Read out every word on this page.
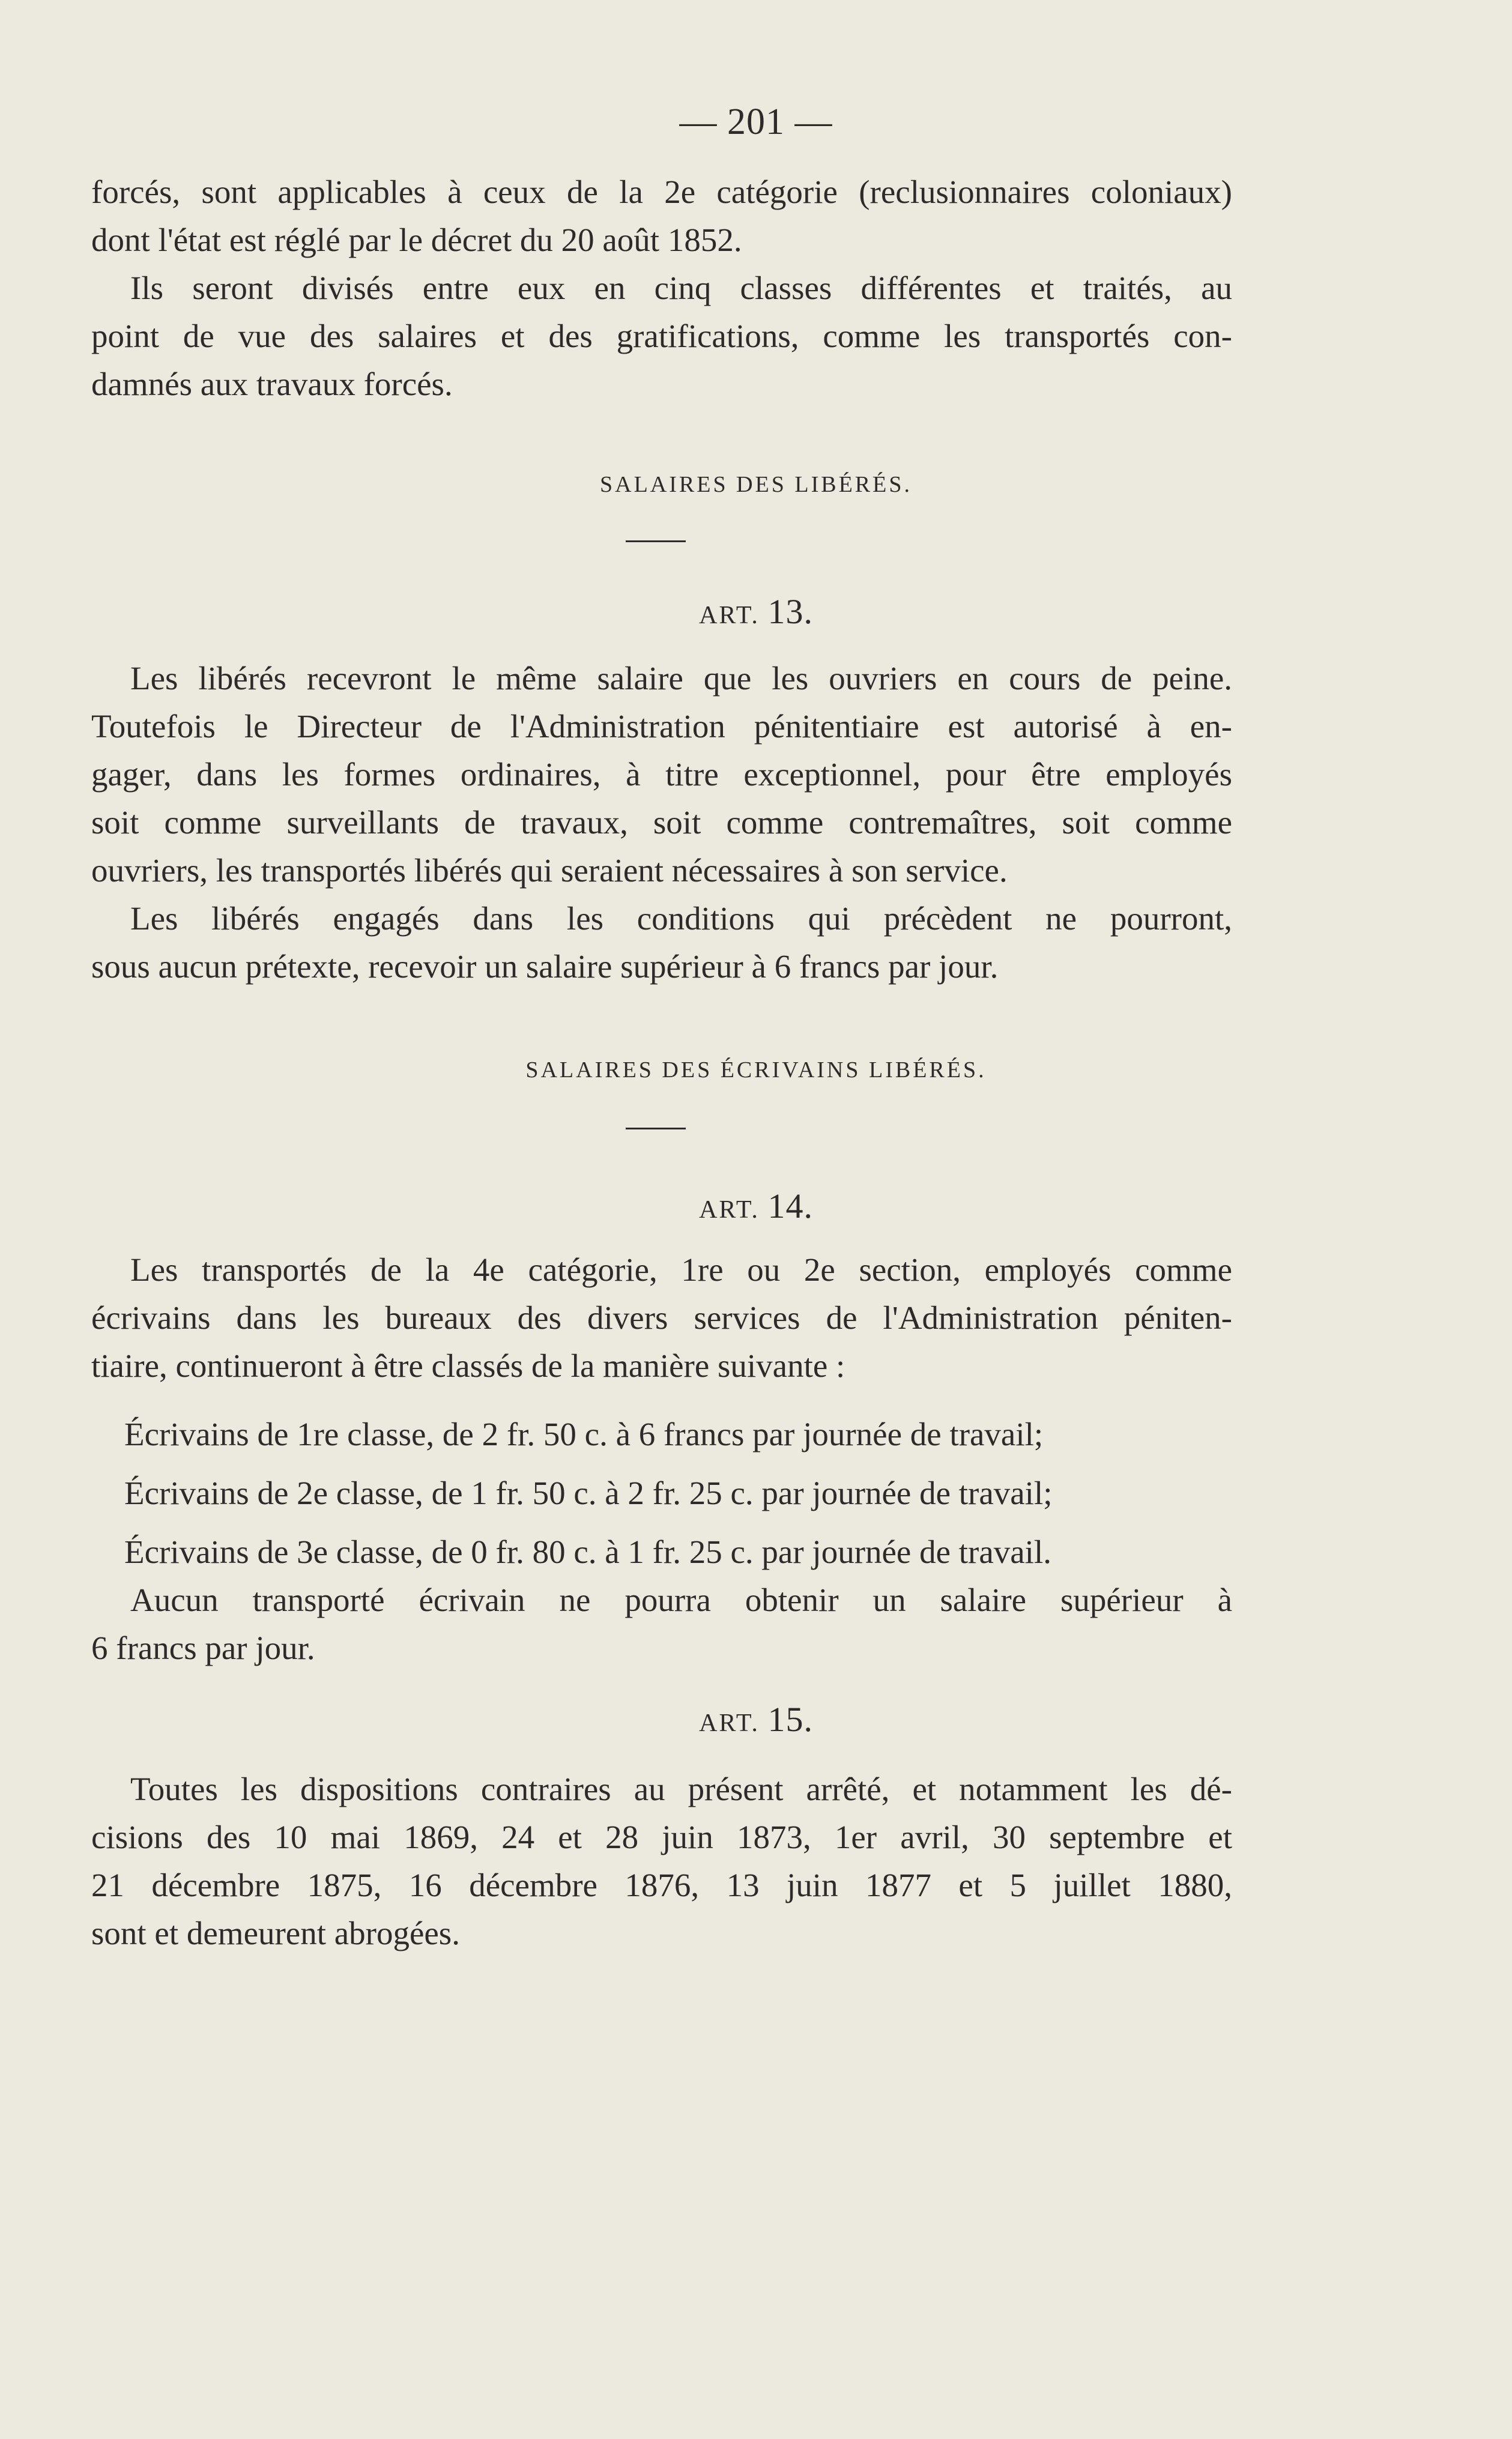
— 201 —
forcés, sont applicables à ceux de la 2e catégorie (reclusionnaires coloniaux)
dont l'état est réglé par le décret du 20 août 1852.
Ils seront divisés entre eux en cinq classes différentes et traités, au
point de vue des salaires et des gratifications, comme les transportés con-
damnés aux travaux forcés.
SALAIRES DES LIBÉRÉS.
ART. 13.
Les libérés recevront le même salaire que les ouvriers en cours de peine.
Toutefois le Directeur de l'Administration pénitentiaire est autorisé à en-
gager, dans les formes ordinaires, à titre exceptionnel, pour être employés
soit comme surveillants de travaux, soit comme contremaîtres, soit comme
ouvriers, les transportés libérés qui seraient nécessaires à son service.
Les libérés engagés dans les conditions qui précèdent ne pourront,
sous aucun prétexte, recevoir un salaire supérieur à 6 francs par jour.
SALAIRES DES ÉCRIVAINS LIBÉRÉS.
ART. 14.
Les transportés de la 4e catégorie, 1re ou 2e section, employés comme
écrivains dans les bureaux des divers services de l'Administration péniten-
tiaire, continueront à être classés de la manière suivante :
Écrivains de 1re classe, de 2 fr. 50 c. à 6 francs par journée de travail;
Écrivains de 2e classe, de 1 fr. 50 c. à 2 fr. 25 c. par journée de travail;
Écrivains de 3e classe, de 0 fr. 80 c. à 1 fr. 25 c. par journée de travail.
Aucun transporté écrivain ne pourra obtenir un salaire supérieur à
6 francs par jour.
ART. 15.
Toutes les dispositions contraires au présent arrêté, et notamment les dé-
cisions des 10 mai 1869, 24 et 28 juin 1873, 1er avril, 30 septembre et
21 décembre 1875, 16 décembre 1876, 13 juin 1877 et 5 juillet 1880,
sont et demeurent abrogées.
